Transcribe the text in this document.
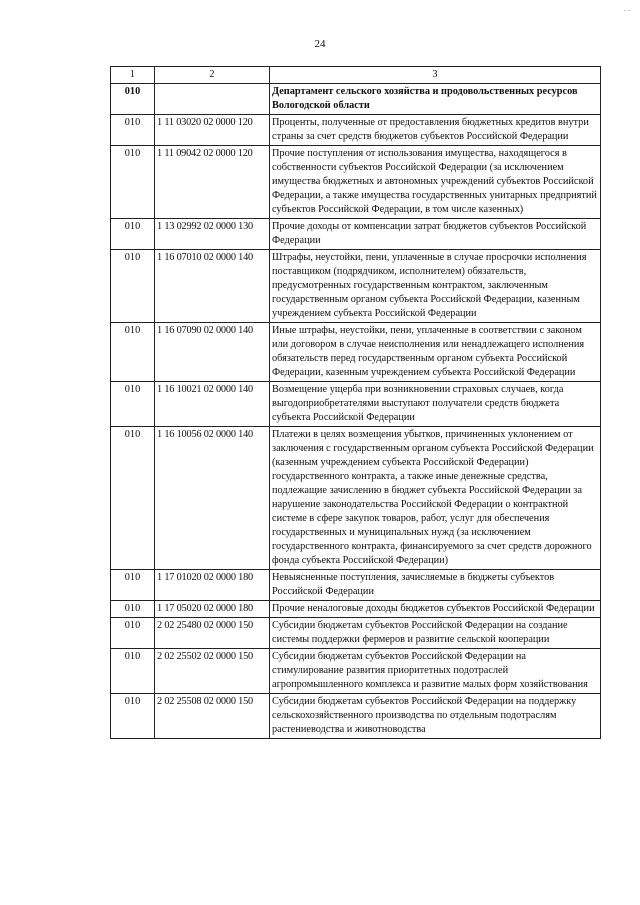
. .
24
1	2	3
010		Департамент сельского хозяйства и продовольственных ресурсов Вологодской области
010	1 11 03020 02 0000 120	Проценты, полученные от предоставления бюджетных кредитов внутри страны за счет средств бюджетов субъектов Российской Федерации
010	1 11 09042 02 0000 120	Прочие поступления от использования имущества, находящегося в собственности субъектов Российской Федерации (за исключением имущества бюджетных и автономных учреждений субъектов Российской Федерации, а также имущества государственных унитарных предприятий субъектов Российской Федерации, в том числе казенных)
010	1 13 02992 02 0000 130	Прочие доходы от компенсации затрат бюджетов субъектов Российской Федерации
010	1 16 07010 02 0000 140	Штрафы, неустойки, пени, уплаченные в случае просрочки исполнения поставщиком (подрядчиком, исполнителем) обязательств, предусмотренных государственным контрактом, заключенным государственным органом субъекта Российской Федерации, казенным учреждением субъекта Российской Федерации
010	1 16 07090 02 0000 140	Иные штрафы, неустойки, пени, уплаченные в соответствии с законом или договором в случае неисполнения или ненадлежащего исполнения обязательств перед государственным органом субъекта Российской Федерации, казенным учреждением субъекта Российской Федерации
010	1 16 10021 02 0000 140	Возмещение ущерба при возникновении страховых случаев, когда выгодоприобретателями выступают получатели средств бюджета субъекта Российской Федерации
010	1 16 10056 02 0000 140	Платежи в целях возмещения убытков, причиненных уклонением от заключения с государственным органом субъекта Российской Федерации (казенным учреждением субъекта Российской Федерации) государственного контракта, а также иные денежные средства, подлежащие зачислению в бюджет субъекта Российской Федерации за нарушение законодательства Российской Федерации о контрактной системе в сфере закупок товаров, работ, услуг для обеспечения государственных и муниципальных нужд (за исключением государственного контракта, финансируемого за счет средств дорожного фонда субъекта Российской Федерации)
010	1 17 01020 02 0000 180	Невыясненные поступления, зачисляемые в бюджеты субъектов Российской Федерации
010	1 17 05020 02 0000 180	Прочие неналоговые доходы бюджетов субъектов Российской Федерации
010	2 02 25480 02 0000 150	Субсидии бюджетам субъектов Российской Федерации на создание системы поддержки фермеров и развитие сельской кооперации
010	2 02 25502 02 0000 150	Субсидии бюджетам субъектов Российской Федерации на стимулирование развития приоритетных подотраслей агропромышленного комплекса и развитие малых форм хозяйствования
010	2 02 25508 02 0000 150	Субсидии бюджетам субъектов Российской Федерации на поддержку сельскохозяйственного производства по отдельным подотраслям растениеводства и животноводства
